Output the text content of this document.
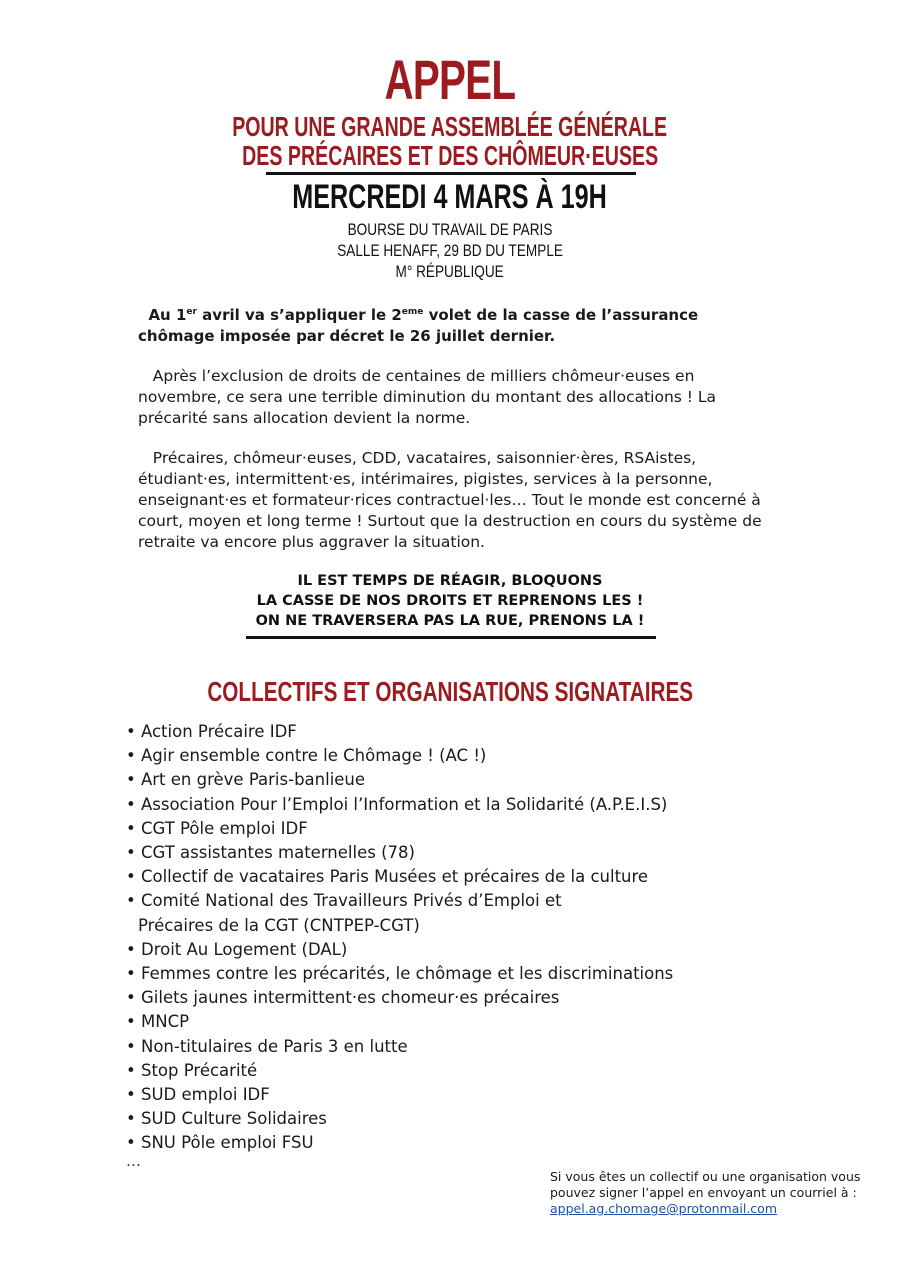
APPEL
POUR UNE GRANDE ASSEMBLÉE GÉNÉRALE
DES PRÉCAIRES ET DES CHÔMEUR·EUSES
MERCREDI 4 MARS À 19H
BOURSE DU TRAVAIL DE PARIS
SALLE HENAFF, 29 BD DU TEMPLE
M° RÉPUBLIQUE
Au 1er avril va s’appliquer le 2eme volet de la casse de l’assurance chômage imposée par décret le 26 juillet dernier.
Après l’exclusion de droits de centaines de milliers chômeur·euses en novembre, ce sera une terrible diminution du montant des allocations ! La précarité sans allocation devient la norme.
Précaires, chômeur·euses, CDD, vacataires, saisonnier·ères, RSAistes, étudiant·es, intermittent·es, intérimaires, pigistes, services à la personne, enseignant·es et formateur·rices contractuel·les… Tout le monde est concerné à court, moyen et long terme ! Surtout que la destruction en cours du système de retraite va encore plus aggraver la situation.
IL EST TEMPS DE RÉAGIR, BLOQUONS
LA CASSE DE NOS DROITS ET REPRENONS LES !
ON NE TRAVERSERA PAS LA RUE, PRENONS LA !
COLLECTIFS ET ORGANISATIONS SIGNATAIRES
• Action Précaire IDF
• Agir ensemble contre le Chômage ! (AC !)
• Art en grève Paris-banlieue
• Association Pour l’Emploi l’Information et la Solidarité (A.P.E.I.S)
• CGT Pôle emploi IDF
• CGT assistantes maternelles (78)
• Collectif de vacataires Paris Musées et précaires de la culture
• Comité National des Travailleurs Privés d’Emploi et
Précaires de la CGT (CNTPEP-CGT)
• Droit Au Logement (DAL)
• Femmes contre les précarités, le chômage et les discriminations
• Gilets jaunes intermittent·es chomeur·es précaires
• MNCP
• Non-titulaires de Paris 3 en lutte
• Stop Précarité
• SUD emploi IDF
• SUD Culture Solidaires
• SNU Pôle emploi FSU
…
Si vous êtes un collectif ou une organisation vous
pouvez signer l’appel en envoyant un courriel à :
appel.ag.chomage@protonmail.com
